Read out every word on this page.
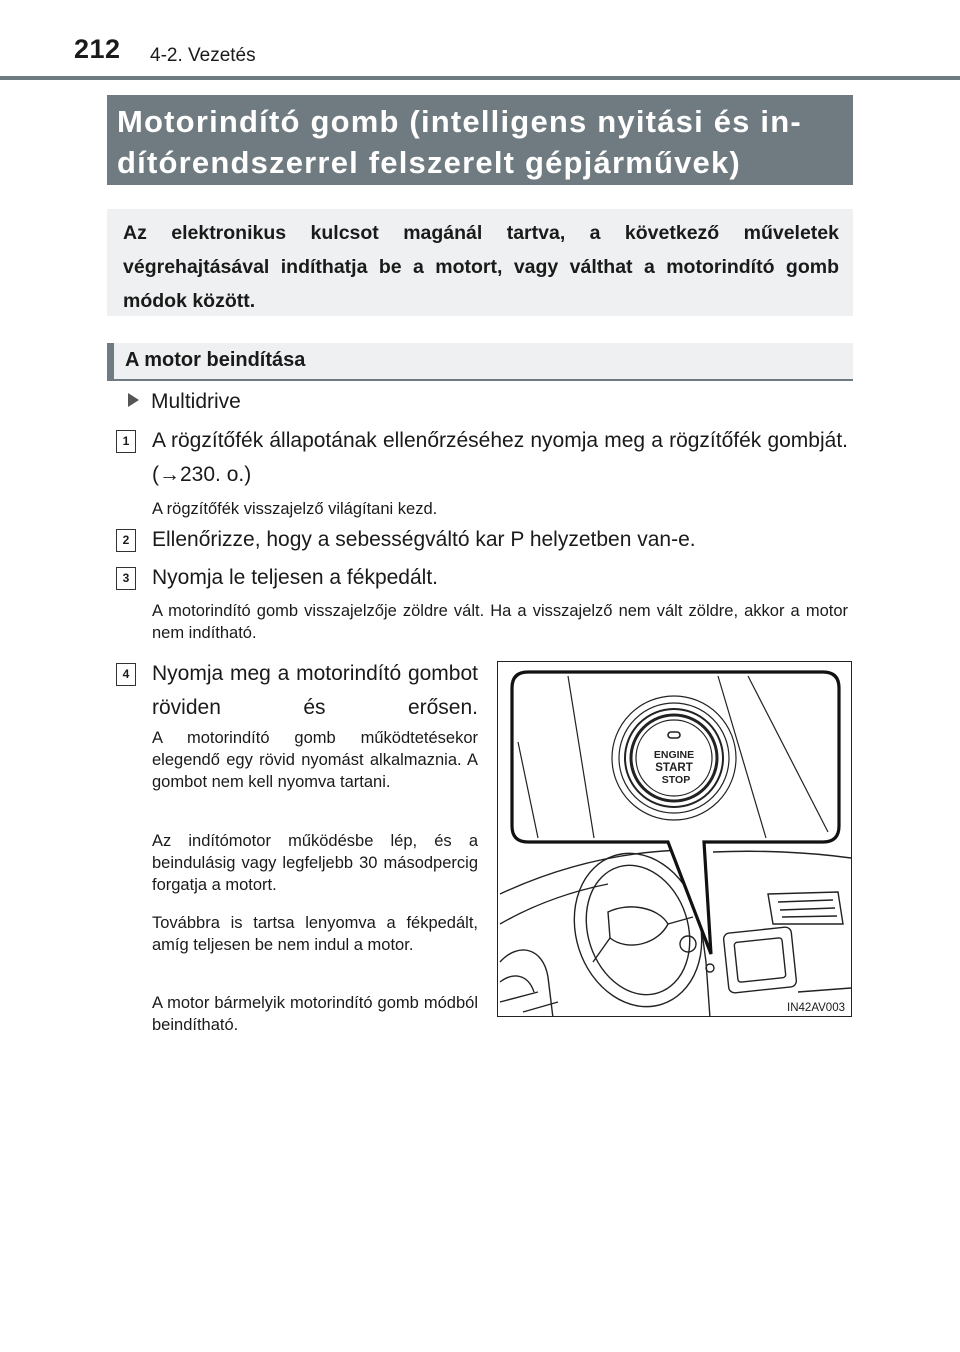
212 4-2. Vezetés
Motorindító gomb (intelligens nyitási és in-
dítórendszerrel felszerelt gépjárművek)
Az elektronikus kulcsot magánál tartva, a következő műveletek végrehajtásával indíthatja be a motort, vagy válthat a motorindító gomb módok között.
A motor beindítása
Multidrive
1	A rögzítőfék állapotának ellenőrzéséhez nyomja meg a rögzítőfék gombját. (→230. o.)
A rögzítőfék visszajelző világítani kezd.
2	Ellenőrizze, hogy a sebességváltó kar P helyzetben van-e.
3	Nyomja le teljesen a fékpedált.
A motorindító gomb visszajelzője zöldre vált. Ha a visszajelző nem vált zöldre, akkor a motor nem indítható.
4	Nyomja meg a motorindító gombot röviden és erősen.
A motorindító gomb működtetésekor elegendő egy rövid nyomást alkalmaznia. A gombot nem kell nyomva tartani.
Az indítómotor működésbe lép, és a beindulásig vagy legfeljebb 30 másodpercig forgatja a motort.
Továbbra is tartsa lenyomva a fékpedált, amíg teljesen be nem indul a motor.
A motor bármelyik motorindító gomb módból beindítható.
ENGINE
START
STOP
IN42AV003
